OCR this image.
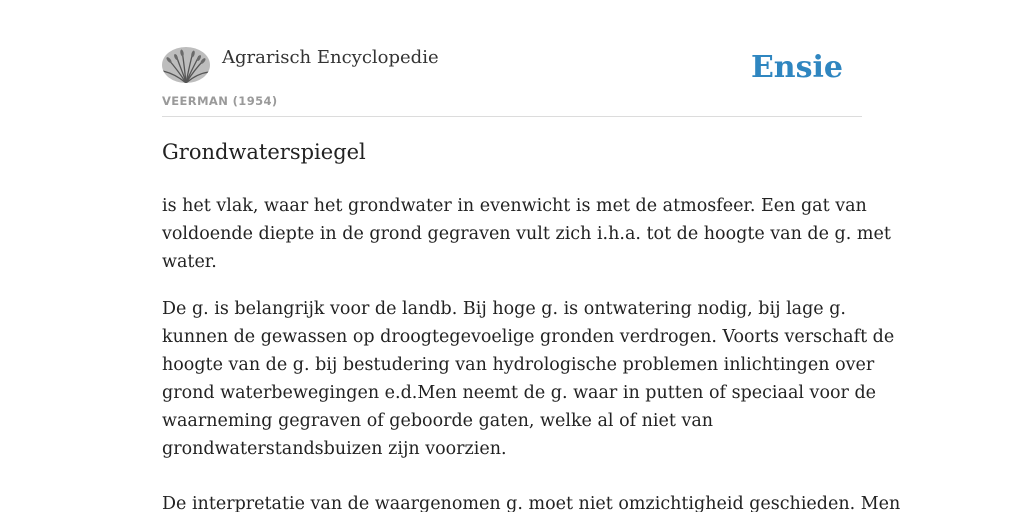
Agrarisch Encyclopedie
VEERMAN (1954)
Ensie
Grondwaterspiegel

is het vlak, waar het grondwater in evenwicht is met de atmosfeer. Een gat van
voldoende diepte in de grond gegraven vult zich i.h.a. tot de hoogte van de g. met
water.

De g. is belangrijk voor de landb. Bij hoge g. is ontwatering nodig, bij lage g.
kunnen de gewassen op droogtegevoelige gronden verdrogen. Voorts verschaft de
hoogte van de g. bij bestudering van hydrologische problemen inlichtingen over
grond waterbewegingen e.d.Men neemt de g. waar in putten of speciaal voor de
waarneming gegraven of geboorde gaten, welke al of niet van
grondwaterstandsbuizen zijn voorzien.

De interpretatie van de waargenomen g. moet niet omzichtigheid geschieden. Men
